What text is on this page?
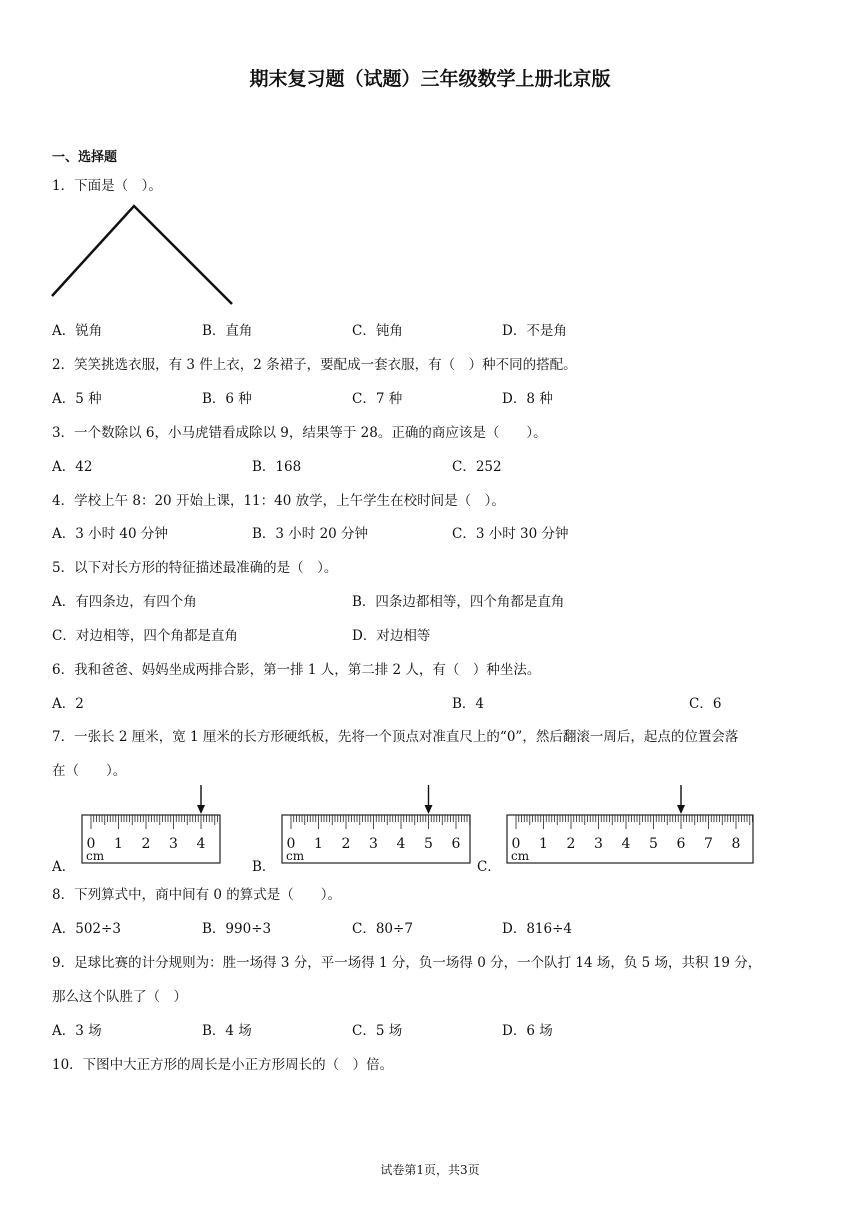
期末复习题（试题）三年级数学上册北京版
一、选择题
1．下面是（　）。
A．锐角	B．直角	C．钝角	D．不是角
2．笑笑挑选衣服，有 3 件上衣，2 条裙子，要配成一套衣服，有（　）种不同的搭配。
A．5 种	B．6 种	C．7 种	D．8 种
3．一个数除以 6，小马虎错看成除以 9，结果等于 28。正确的商应该是（　　）。
A．42	B．168	C．252
4．学校上午 8：20 开始上课，11：40 放学，上午学生在校时间是（　）。
A．3 小时 40 分钟	B．3 小时 20 分钟	C．3 小时 30 分钟
5．以下对长方形的特征描述最准确的是（　）。
A．有四条边，有四个角	B．四条边都相等，四个角都是直角
C．对边相等，四个角都是直角	D．对边相等
6．我和爸爸、妈妈坐成两排合影，第一排 1 人，第二排 2 人，有（　）种坐法。
A．2	B．4	C．6
7．一张长 2 厘米，宽 1 厘米的长方形硬纸板，先将一个顶点对准直尺上的“0”，然后翻滚一周后，起点的位置会落
在（　　）。
A．
0 1 2 3 4
cm
B．
0 1 2 3 4 5 6
cm
C．
0 1 2 3 4 5 6 7 8
cm
8．下列算式中，商中间有 0 的算式是（　　）。
A．502÷3	B．990÷3	C．80÷7	D．816÷4
9．足球比赛的计分规则为：胜一场得 3 分，平一场得 1 分，负一场得 0 分，一个队打 14 场，负 5 场，共积 19 分，
那么这个队胜了（　）
A．3 场	B．4 场	C．5 场	D．6 场
10．下图中大正方形的周长是小正方形周长的（　）倍。
试卷第1页，共3页
